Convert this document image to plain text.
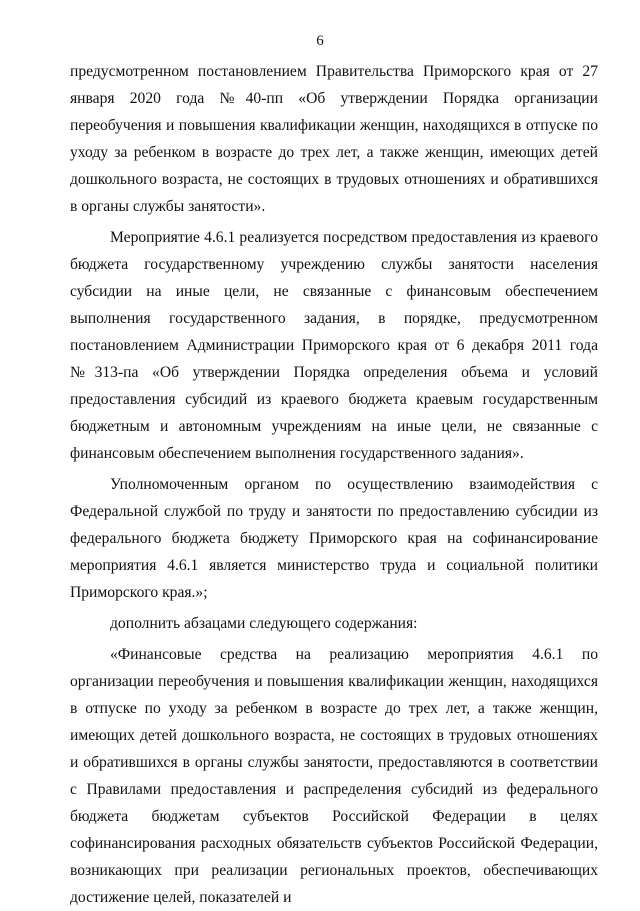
6

предусмотренном постановлением Правительства Приморского края от 27 января 2020 года №40-пп «Об утверждении Порядка организации переобучения и повышения квалификации женщин, находящихся в отпуске по уходу за ребенком в возрасте до трех лет, а также женщин, имеющих детей дошкольного возраста, не состоящих в трудовых отношениях и обратившихся в органы службы занятости».

Мероприятие 4.6.1 реализуется посредством предоставления из краевого бюджета государственному учреждению службы занятости населения субсидии на иные цели, не связанные с финансовым обеспечением выполнения государственного задания, в порядке, предусмотренном постановлением Администрации Приморского края от 6 декабря 2011 года №313-па «Об утверждении Порядка определения объема и условий предоставления субсидий из краевого бюджета краевым государственным бюджетным и автономным учреждениям на иные цели, не связанные с финансовым обеспечением выполнения государственного задания».

Уполномоченным органом по осуществлению взаимодействия с Федеральной службой по труду и занятости по предоставлению субсидии из федерального бюджета бюджету Приморского края на софинансирование мероприятия 4.6.1 является министерство труда и социальной политики Приморского края.»;

дополнить абзацами следующего содержания:

«Финансовые средства на реализацию мероприятия 4.6.1 по организации переобучения и повышения квалификации женщин, находящихся в отпуске по уходу за ребенком в возрасте до трех лет, а также женщин, имеющих детей дошкольного возраста, не состоящих в трудовых отношениях и обратившихся в органы службы занятости, предоставляются в соответствии с Правилами предоставления и распределения субсидий из федерального бюджета бюджетам субъектов Российской Федерации в целях софинансирования расходных обязательств субъектов Российской Федерации, возникающих при реализации региональных проектов, обеспечивающих достижение целей, показателей и
